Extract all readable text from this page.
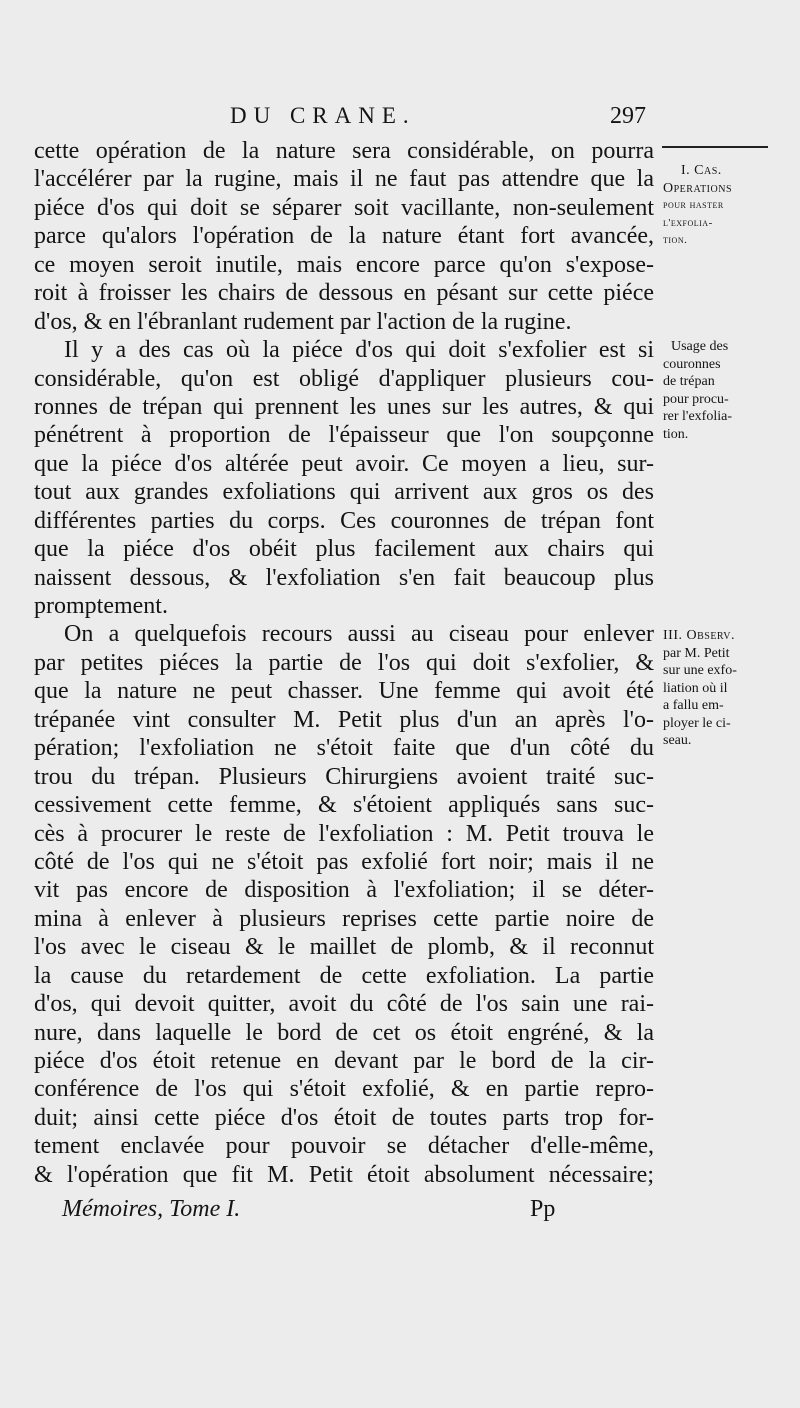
DU CRANE.	297
cette opération de la nature sera considérable, on pourra
l'accélérer par la rugine, mais il ne faut pas attendre que la
piéce d'os qui doit se séparer soit vacillante, non-seulement
parce qu'alors l'opération de la nature étant fort avancée,
ce moyen seroit inutile, mais encore parce qu'on s'expose-
roit à froisser les chairs de dessous en pésant sur cette piéce
d'os, & en l'ébranlant rudement par l'action de la rugine.
Il y a des cas où la piéce d'os qui doit s'exfolier est si
considérable, qu'on est obligé d'appliquer plusieurs cou-
ronnes de trépan qui prennent les unes sur les autres, & qui
pénétrent à proportion de l'épaisseur que l'on soupçonne
que la piéce d'os altérée peut avoir. Ce moyen a lieu, sur-
tout aux grandes exfoliations qui arrivent aux gros os des
différentes parties du corps. Ces couronnes de trépan font
que la piéce d'os obéit plus facilement aux chairs qui
naissent dessous, & l'exfoliation s'en fait beaucoup plus
promptement.
On a quelquefois recours aussi au ciseau pour enlever
par petites piéces la partie de l'os qui doit s'exfolier, &
que la nature ne peut chasser. Une femme qui avoit été
trépanée vint consulter M. Petit plus d'un an après l'o-
pération; l'exfoliation ne s'étoit faite que d'un côté du
trou du trépan. Plusieurs Chirurgiens avoient traité suc-
cessivement cette femme, & s'étoient appliqués sans suc-
cès à procurer le reste de l'exfoliation : M. Petit trouva le
côté de l'os qui ne s'étoit pas exfolié fort noir; mais il ne
vit pas encore de disposition à l'exfoliation; il se déter-
mina à enlever à plusieurs reprises cette partie noire de
l'os avec le ciseau & le maillet de plomb, & il reconnut
la cause du retardement de cette exfoliation. La partie
d'os, qui devoit quitter, avoit du côté de l'os sain une rai-
nure, dans laquelle le bord de cet os étoit engréné, & la
piéce d'os étoit retenue en devant par le bord de la cir-
conférence de l'os qui s'étoit exfolié, & en partie repro-
duit; ainsi cette piéce d'os étoit de toutes parts trop for-
tement enclavée pour pouvoir se détacher d'elle-même,
& l'opération que fit M. Petit étoit absolument nécessaire;
I. Cas.
Operations
pour haster
l'exfolia-
tion.
Usage des
couronnes
de trépan
pour procu-
rer l'exfolia-
tion.
III. Observ.
par M. Petit
sur une exfo-
liation où il
a fallu em-
ployer le ci-
seau.
Mémoires, Tome I.	Pp
